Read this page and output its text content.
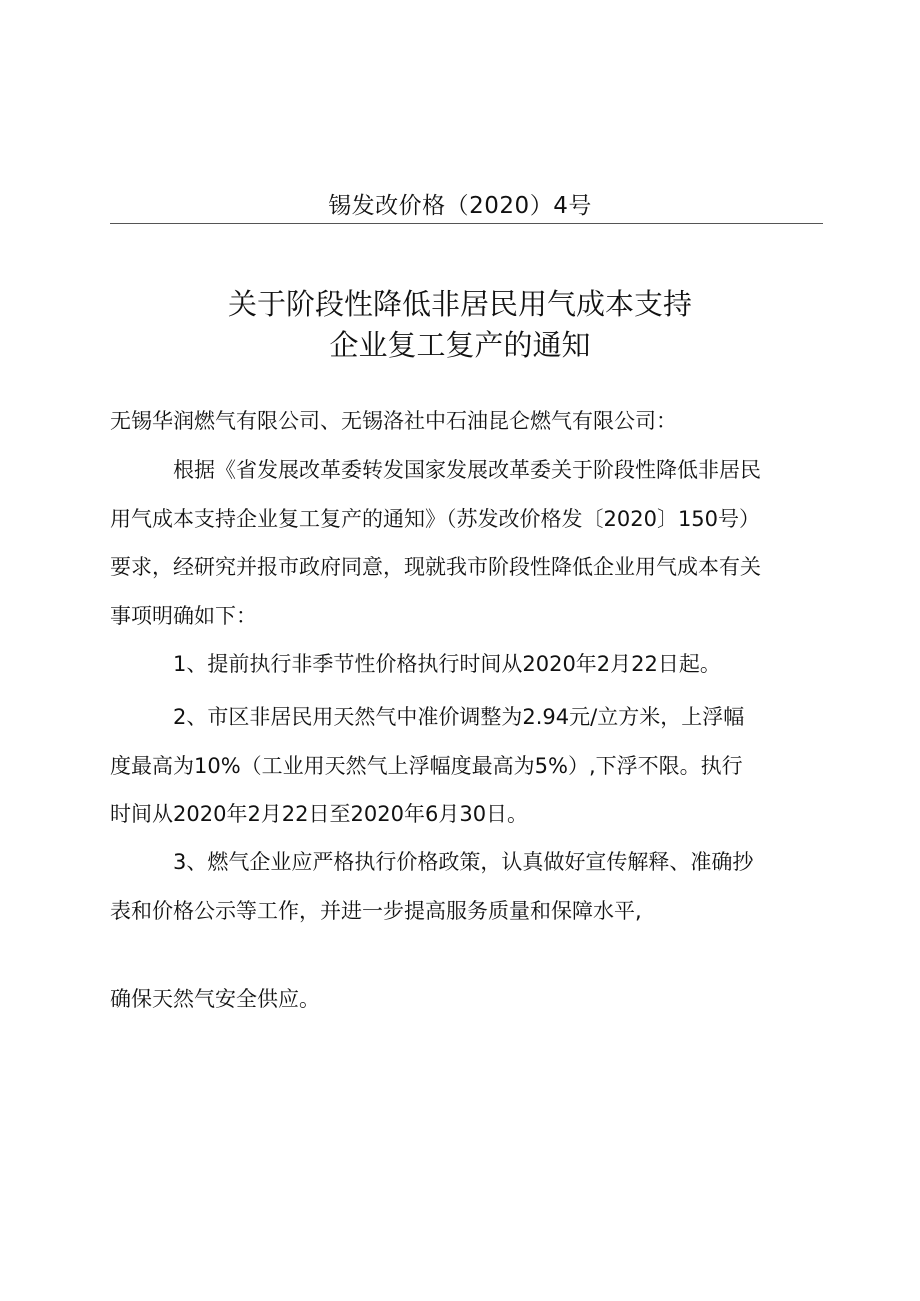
锡发改价格（2020）4号
关于阶段性降低非居民用气成本支持
企业复工复产的通知
无锡华润燃气有限公司、无锡洛社中石油昆仑燃气有限公司：
根据《省发展改革委转发国家发展改革委关于阶段性降低非居民
用气成本支持企业复工复产的通知》（苏发改价格发〔2020〕150号）
要求，经研究并报市政府同意，现就我市阶段性降低企业用气成本有关
事项明确如下：
1、提前执行非季节性价格执行时间从2020年2月22日起。
2、市区非居民用天然气中准价调整为2.94元/立方米，上浮幅
度最高为10%（工业用天然气上浮幅度最高为5%）,下浮不限。执行
时间从2020年2月22日至2020年6月30日。
3、燃气企业应严格执行价格政策，认真做好宣传解释、准确抄
表和价格公示等工作，并进一步提高服务质量和保障水平,
确保天然气安全供应。
